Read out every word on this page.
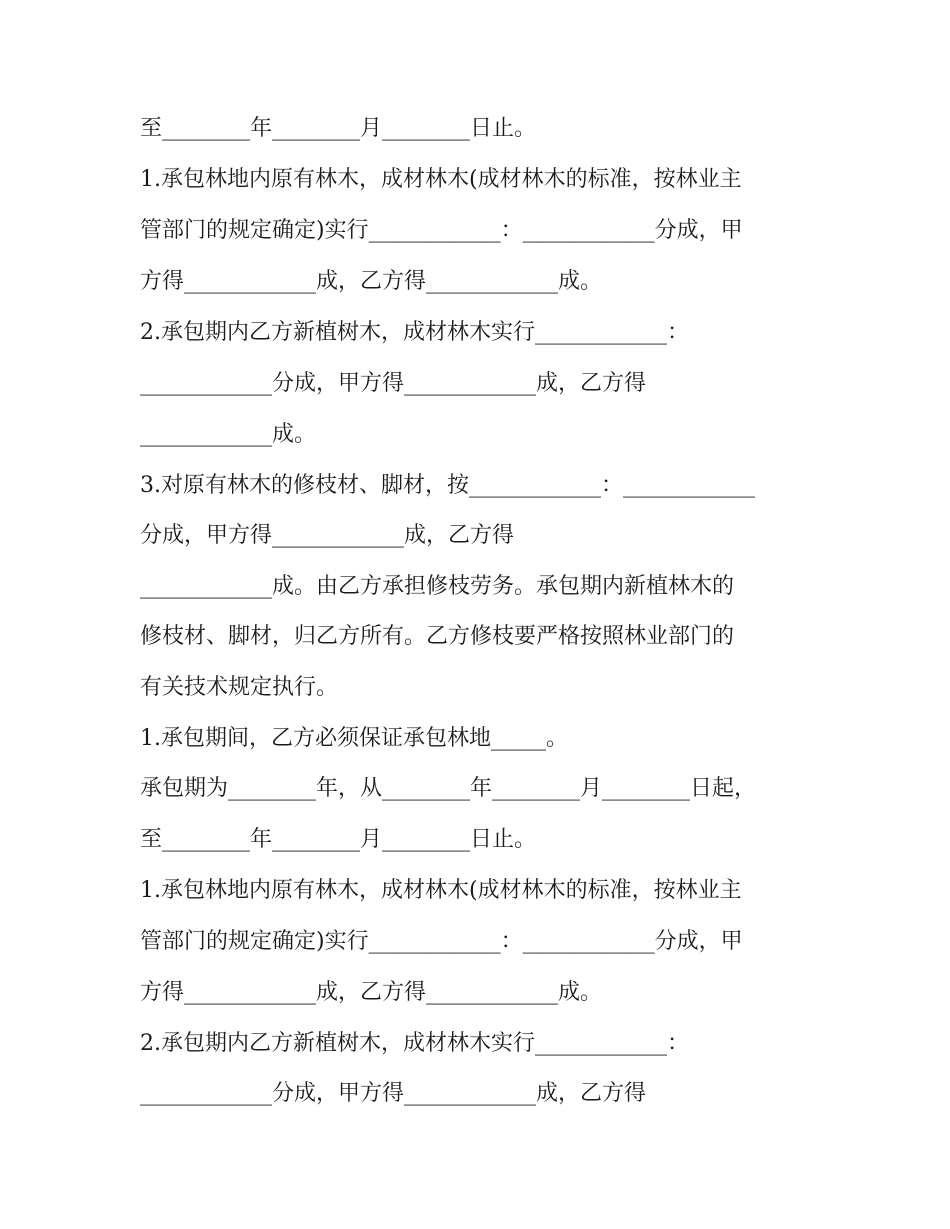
至________年________月________日止。

1.承包林地内原有林木，成材林木(成材林木的标准，按林业主

管部门的规定确定)实行____________：____________分成，甲

方得____________成，乙方得____________成。

2.承包期内乙方新植树木，成材林木实行____________：

____________分成，甲方得____________成，乙方得

____________成。

3.对原有林木的修枝材、脚材，按____________：____________

分成，甲方得____________成，乙方得

____________成。由乙方承担修枝劳务。承包期内新植林木的

修枝材、脚材，归乙方所有。乙方修枝要严格按照林业部门的

有关技术规定执行。

1.承包期间，乙方必须保证承包林地_____。

承包期为________年，从________年________月________日起，

至________年________月________日止。

1.承包林地内原有林木，成材林木(成材林木的标准，按林业主

管部门的规定确定)实行____________：____________分成，甲

方得____________成，乙方得____________成。

2.承包期内乙方新植树木，成材林木实行____________：

____________分成，甲方得____________成，乙方得
